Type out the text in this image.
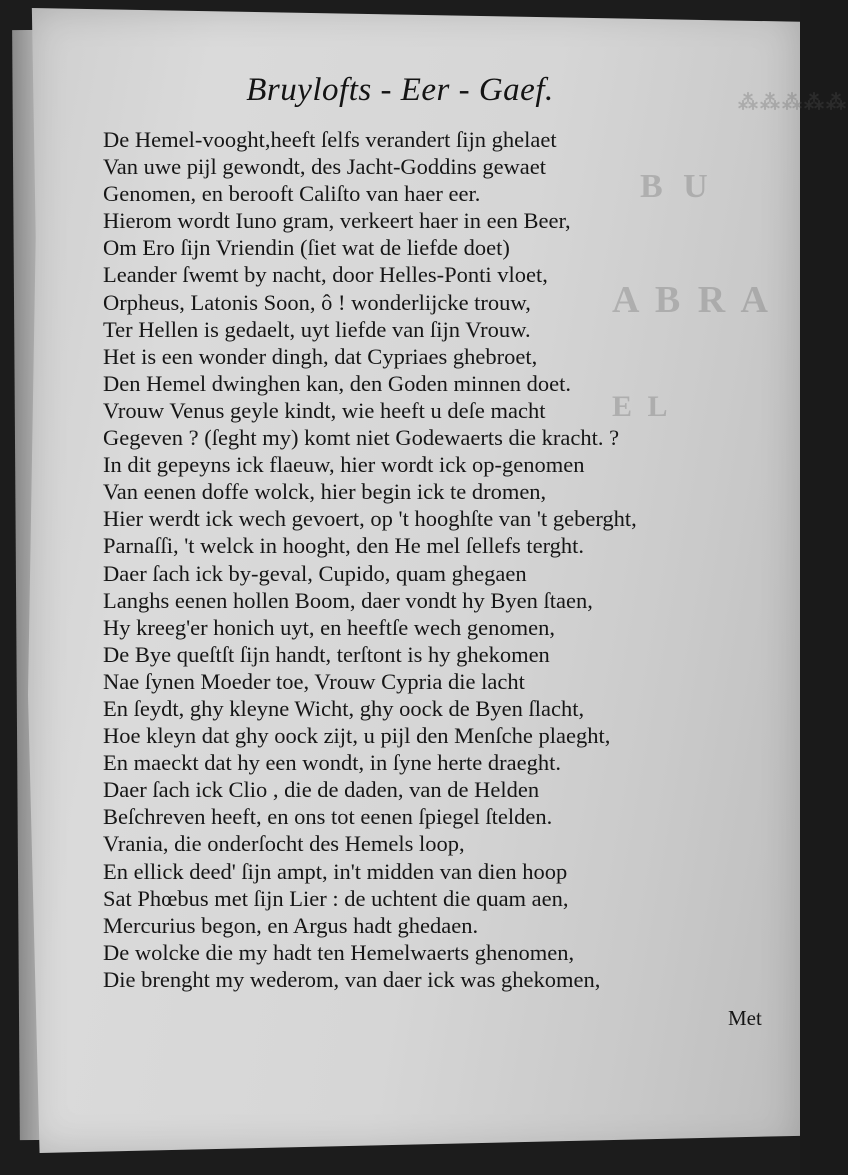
⁂⁂⁂⁂⁂
B U
A B R A
E L
Bruylofts - Eer - Gaef.
De Hemel-vooght,heeft ſelfs verandert ſijn ghelaet
Van uwe pijl gewondt, des Jacht-Goddins gewaet
Genomen, en berooft Caliſto van haer eer.
Hierom wordt Iuno gram, verkeert haer in een Beer,
Om Ero ſijn Vriendin (ſiet wat de liefde doet)
Leander ſwemt by nacht, door Helles-Ponti vloet,
Orpheus, Latonis Soon, ô ! wonderlijcke trouw,
Ter Hellen is gedaelt, uyt liefde van ſijn Vrouw.
Het is een wonder dingh, dat Cypriaes ghebroet,
Den Hemel dwinghen kan, den Goden minnen doet.
Vrouw Venus geyle kindt, wie heeft u deſe macht
Gegeven ? (ſeght my) komt niet Godewaerts die kracht. ?
In dit gepeyns ick flaeuw, hier wordt ick op-genomen
Van eenen doffe wolck, hier begin ick te dromen,
Hier werdt ick wech gevoert, op 't hooghſte van 't geberght,
Parnaſſi, 't welck in hooght, den He mel ſellefs terght.
Daer ſach ick by-geval, Cupido, quam ghegaen
Langhs eenen hollen Boom, daer vondt hy Byen ſtaen,
Hy kreeg'er honich uyt, en heeftſe wech genomen,
De Bye queſtſt ſijn handt, terſtont is hy ghekomen
Nae ſynen Moeder toe, Vrouw Cypria die lacht
En ſeydt, ghy kleyne Wicht, ghy oock de Byen ſlacht,
Hoe kleyn dat ghy oock zijt, u pijl den Menſche plaeght,
En maeckt dat hy een wondt, in ſyne herte draeght.
Daer ſach ick Clio , die de daden, van de Helden
Beſchreven heeft, en ons tot eenen ſpiegel ſtelden.
Vrania, die onderſocht des Hemels loop,
En ellick deed' ſijn ampt, in't midden van dien hoop
Sat Phœbus met ſijn Lier : de uchtent die quam aen,
Mercurius begon, en Argus hadt ghedaen.
De wolcke die my hadt ten Hemelwaerts ghenomen,
Die brenght my wederom, van daer ick was ghekomen,
Met
